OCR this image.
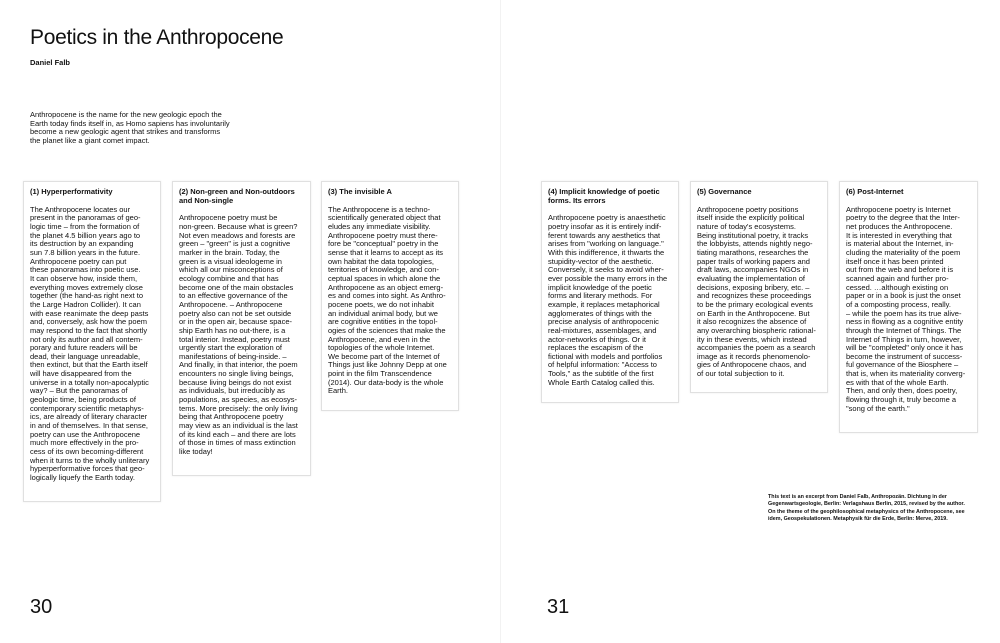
Poetics in the Anthropocene
Daniel Falb
Anthropocene is the name for the new geologic epoch the Earth today finds itself in, as Homo sapiens has involuntarily become a new geologic agent that strikes and transforms the planet like a giant comet impact.
(1) Hyperperformativity

The Anthropocene locates our
present in the panoramas of geo-
logic time – from the formation of
the planet 4.5 billion years ago to
its destruction by an expanding
sun 7.8 billion years in the future.
Anthropocene poetry can put
these panoramas into poetic use.
It can observe how, inside them,
everything moves extremely close
together (the hand-as right next to
the Large Hadron Collider). It can
with ease reanimate the deep pasts
and, conversely, ask how the poem
may respond to the fact that shortly
not only its author and all contem-
porary and future readers will be
dead, their language unreadable,
then extinct, but that the Earth itself
will have disappeared from the
universe in a totally non-apocalyptic
way? – But the panoramas of
geologic time, being products of
contemporary scientific metaphys-
ics, are already of literary character
in and of themselves. In that sense,
poetry can use the Anthropocene
much more effectively in the pro-
cess of its own becoming-different
when it turns to the wholly unliterary
hyperperformative forces that geo-
logically liquefy the Earth today.

(2) Non-green and Non-outdoors
and Non-single

Anthropocene poetry must be
non-green. Because what is green?
Not even meadows and forests are
green – "green" is just a cognitive
marker in the brain. Today, the
green is a visual ideologeme in
which all our misconceptions of
ecology combine and that has
become one of the main obstacles
to an effective governance of the
Anthropocene. – Anthropocene
poetry also can not be set outside
or in the open air, because space-
ship Earth has no out-there, is a
total interior. Instead, poetry must
urgently start the exploration of
manifestations of being-inside. –
And finally, in that interior, the poem
encounters no single living beings,
because living beings do not exist
as individuals, but irreducibly as
populations, as species, as ecosys-
tems. More precisely: the only living
being that Anthropocene poetry
may view as an individual is the last
of its kind each – and there are lots
of those in times of mass extinction
like today!

(3) The invisible A

The Anthropocene is a techno-
scientifically generated object that
eludes any immediate visibility.
Anthropocene poetry must there-
fore be "conceptual" poetry in the
sense that it learns to accept as its
own habitat the data topologies,
territories of knowledge, and con-
ceptual spaces in which alone the
Anthropocene as an object emerg-
es and comes into sight. As Anthro-
pocene poets, we do not inhabit
an individual animal body, but we
are cognitive entities in the topol-
ogies of the sciences that make the
Anthropocene, and even in the
topologies of the whole Internet.
We become part of the Internet of
Things just like Johnny Depp at one
point in the film Transcendence
(2014). Our data-body is the whole
Earth.

(4) Implicit knowledge of poetic
forms. Its errors

Anthropocene poetry is anaesthetic
poetry insofar as it is entirely indif-
ferent towards any aesthetics that
arises from "working on language."
With this indifference, it thwarts the
stupidity-vector of the aesthetic.
Conversely, it seeks to avoid wher-
ever possible the many errors in the
implicit knowledge of the poetic
forms and literary methods. For
example, it replaces metaphorical
agglomerates of things with the
precise analysis of anthropocenic
real-mixtures, assemblages, and
actor-networks of things. Or it
replaces the escapism of the
fictional with models and portfolios
of helpful information: "Access to
Tools," as the subtitle of the first
Whole Earth Catalog called this.

(5) Governance

Anthropocene poetry positions
itself inside the explicitly political
nature of today's ecosystems.
Being institutional poetry, it tracks
the lobbyists, attends nightly nego-
tiating marathons, researches the
paper trails of working papers and
draft laws, accompanies NGOs in
evaluating the implementation of
decisions, exposing bribery, etc. –
and recognizes these proceedings
to be the primary ecological events
on Earth in the Anthropocene. But
it also recognizes the absence of
any overarching biospheric rational-
ity in these events, which instead
accompanies the poem as a search
image as it records phenomenolo-
gies of Anthropocene chaos, and
of our total subjection to it.

(6) Post-Internet

Anthropocene poetry is Internet
poetry to the degree that the Inter-
net produces the Anthropocene.
It is interested in everything that
is material about the Internet, in-
cluding the materiality of the poem
itself once it has been printed
out from the web and before it is
scanned again and further pro-
cessed. …although existing on
paper or in a book is just the onset
of a composting process, really.
– while the poem has its true alive-
ness in flowing as a cognitive entity
through the Internet of Things. The
Internet of Things in turn, however,
will be "completed" only once it has
become the instrument of success-
ful governance of the Biosphere –
that is, when its materiality converg-
es with that of the whole Earth.
Then, and only then, does poetry,
flowing through it, truly become a
"song of the earth."

This text is an excerpt from Daniel Falb, Anthropozän. Dichtung in der Gegenwartsgeologie, Berlin: Verlagshaus Berlin, 2015, revised by the author. On the theme of the geophilosophical metaphysics of the Anthropocene, see idem, Geospekulationen. Metaphysik für die Erde, Berlin: Merve, 2019.
30	31
